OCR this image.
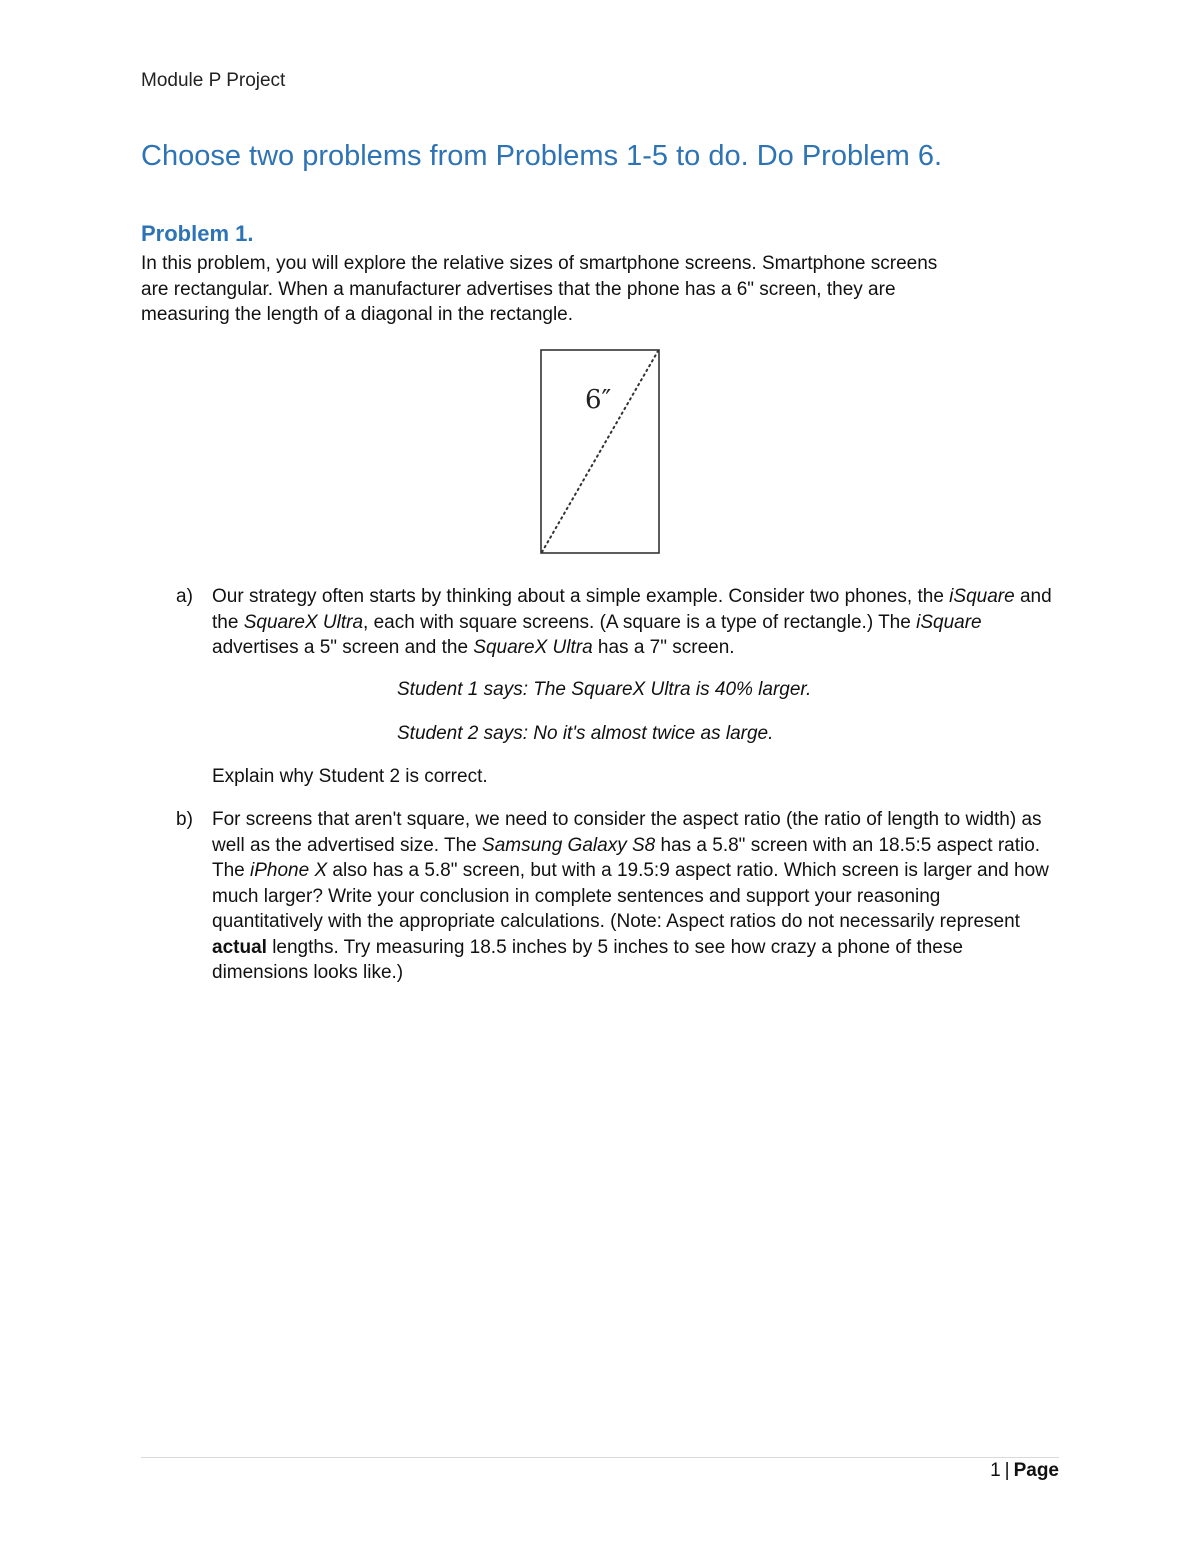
Module P Project
Choose two problems from Problems 1-5 to do. Do Problem 6.
Problem 1.

In this problem, you will explore the relative sizes of smartphone screens. Smartphone screens

are rectangular. When a manufacturer advertises that the phone has a 6" screen, they are

measuring the length of a diagonal in the rectangle.

6″
a) Our strategy often starts by thinking about a simple example. Consider two phones, the iSquare and the SquareX Ultra, each with square screens. (A square is a type of rectangle.) The iSquare advertises a 5" screen and the SquareX Ultra has a 7" screen.

Student 1 says: The SquareX Ultra is 40% larger.
Student 2 says: No it's almost twice as large.
Explain why Student 2 is correct.
b) For screens that aren't square, we need to consider the aspect ratio (the ratio of length to width) as well as the advertised size. The Samsung Galaxy S8 has a 5.8" screen with an 18.5:5 aspect ratio. The iPhone X also has a 5.8" screen, but with a 19.5:9 aspect ratio. Which screen is larger and how much larger? Write your conclusion in complete sentences and support your reasoning quantitatively with the appropriate calculations. (Note: Aspect ratios do not necessarily represent actual lengths. Try measuring 18.5 inches by 5 inches to see how crazy a phone of these dimensions looks like.)

1 | Page
